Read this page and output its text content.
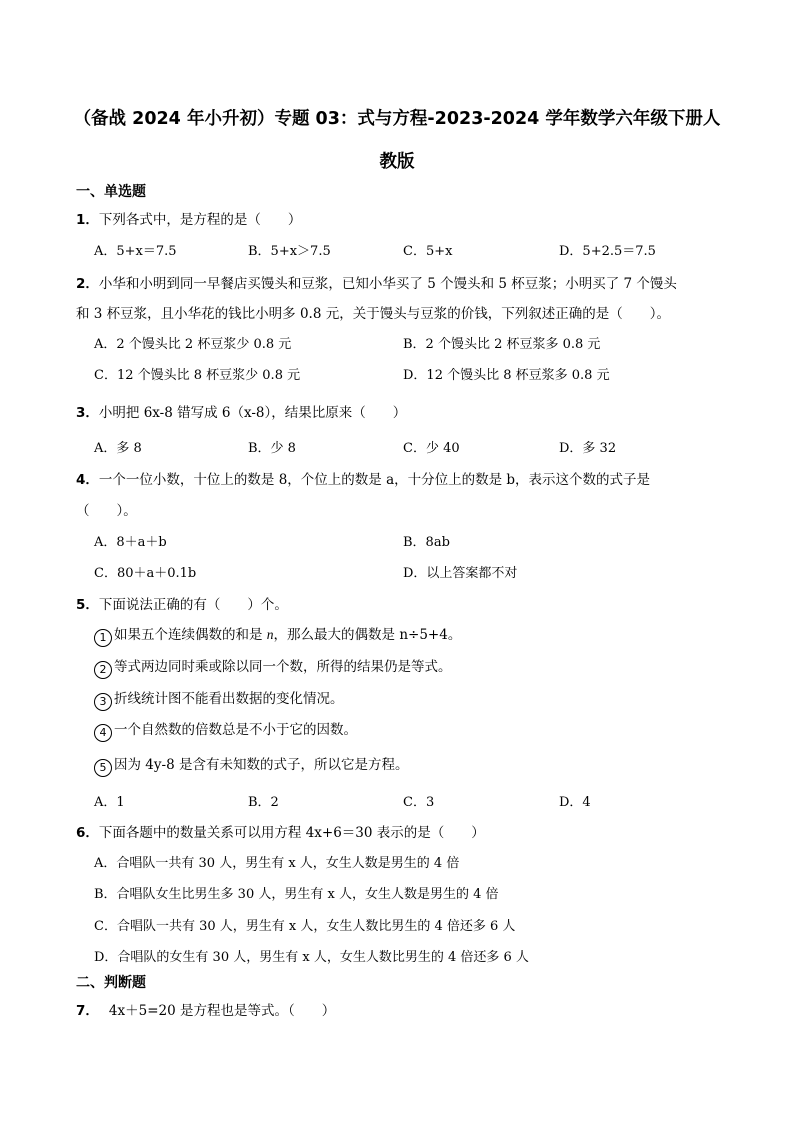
（备战 2024 年小升初）专题 03：式与方程-2023-2024 学年数学六年级下册人
教版
一、单选题
1．下列各式中，是方程的是（　　）
A．5+x＝7.5	B．5+x＞7.5	C．5+x	D．5+2.5＝7.5
2．小华和小明到同一早餐店买馒头和豆浆，已知小华买了 5 个馒头和 5 杯豆浆；小明买了 7 个馒头
和 3 杯豆浆，且小华花的钱比小明多 0.8 元，关于馒头与豆浆的价钱，下列叙述正确的是（　　）。
A．2 个馒头比 2 杯豆浆少 0.8 元	B．2 个馒头比 2 杯豆浆多 0.8 元
C．12 个馒头比 8 杯豆浆少 0.8 元	D．12 个馒头比 8 杯豆浆多 0.8 元
3．小明把 6x-8 错写成 6（x-8），结果比原来（　　）
A．多 8	B．少 8	C．少 40	D．多 32
4．一个一位小数，十位上的数是 8，个位上的数是 a，十分位上的数是 b，表示这个数的式子是
（　　）。
A．8＋a＋b	B．8ab
C．80＋a＋0.1b	D．以上答案都不对
5．下面说法正确的有（　　）个。
1 如果五个连续偶数的和是 n，那么最大的偶数是 n÷5+4。
2 等式两边同时乘或除以同一个数，所得的结果仍是等式。
3 折线统计图不能看出数据的变化情况。
4 一个自然数的倍数总是不小于它的因数。
5 因为 4y-8 是含有未知数的式子，所以它是方程。
A．1	B．2	C．3	D．4
6．下面各题中的数量关系可以用方程 4x+6＝30 表示的是（　　）
A．合唱队一共有 30 人，男生有 x 人，女生人数是男生的 4 倍
B．合唱队女生比男生多 30 人，男生有 x 人，女生人数是男生的 4 倍
C．合唱队一共有 30 人，男生有 x 人，女生人数比男生的 4 倍还多 6 人
D．合唱队的女生有 30 人，男生有 x 人，女生人数比男生的 4 倍还多 6 人
二、判断题
7． 4x＋5=20 是方程也是等式。（　　）
